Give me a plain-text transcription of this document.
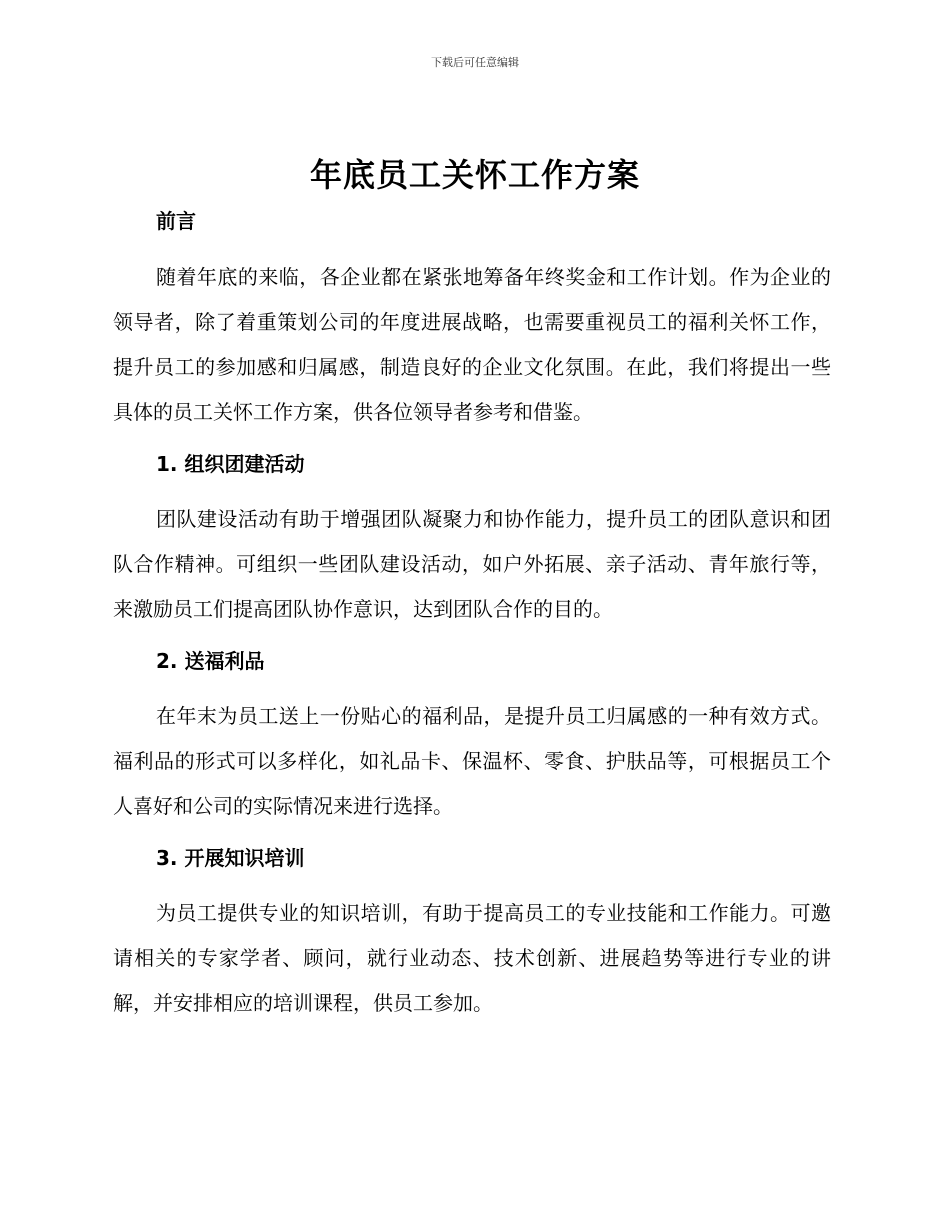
下载后可任意编辑
年底员工关怀工作方案
前言

随着年底的来临，各企业都在紧张地筹备年终奖金和工作计划。作为企业的领导者，除了着重策划公司的年度进展战略，也需要重视员工的福利关怀工作，提升员工的参加感和归属感，制造良好的企业文化氛围。在此，我们将提出一些具体的员工关怀工作方案，供各位领导者参考和借鉴。

1. 组织团建活动

团队建设活动有助于增强团队凝聚力和协作能力，提升员工的团队意识和团队合作精神。可组织一些团队建设活动，如户外拓展、亲子活动、青年旅行等，来激励员工们提高团队协作意识，达到团队合作的目的。

2. 送福利品

在年末为员工送上一份贴心的福利品，是提升员工归属感的一种有效方式。福利品的形式可以多样化，如礼品卡、保温杯、零食、护肤品等，可根据员工个人喜好和公司的实际情况来进行选择。

3. 开展知识培训

为员工提供专业的知识培训，有助于提高员工的专业技能和工作能力。可邀请相关的专家学者、顾问，就行业动态、技术创新、进展趋势等进行专业的讲解，并安排相应的培训课程，供员工参加。
